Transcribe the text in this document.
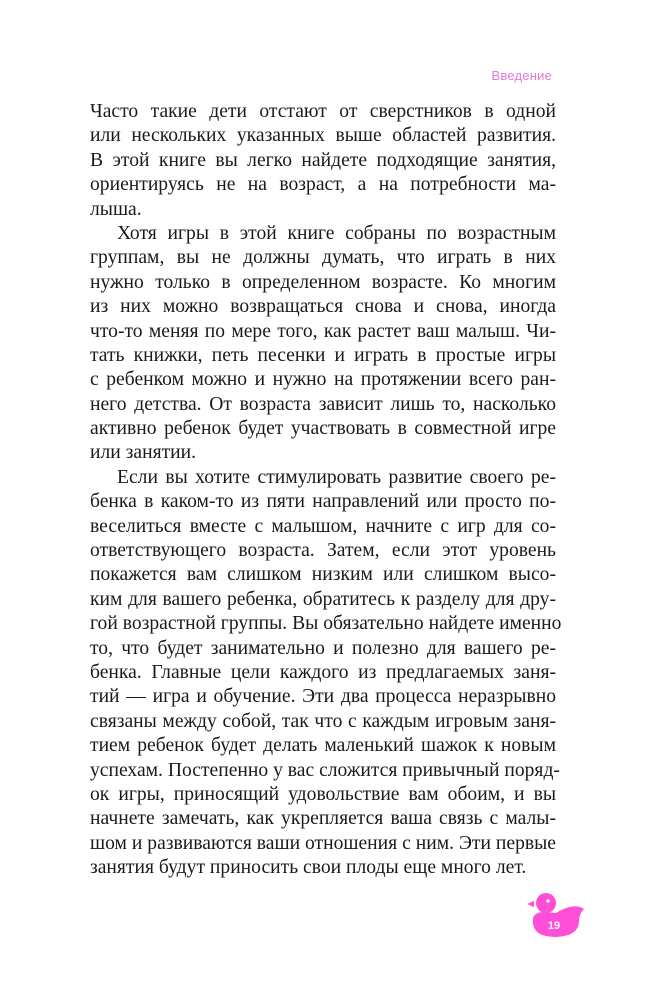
Введение
Часто такие дети отстают от сверстников в одной
или нескольких указанных выше областей развития.
В этой книге вы легко найдете подходящие занятия,
ориентируясь не на возраст, а на потребности ма-
лыша.
Хотя игры в этой книге собраны по возрастным
группам, вы не должны думать, что играть в них
нужно только в определенном возрасте. Ко многим
из них можно возвращаться снова и снова, иногда
что-то меняя по мере того, как растет ваш малыш. Чи-
тать книжки, петь песенки и играть в простые игры
с ребенком можно и нужно на протяжении всего ран-
него детства. От возраста зависит лишь то, насколько
активно ребенок будет участвовать в совместной игре
или занятии.
Если вы хотите стимулировать развитие своего ре-
бенка в каком-то из пяти направлений или просто по-
веселиться вместе с малышом, начните с игр для со-
ответствующего возраста. Затем, если этот уровень
покажется вам слишком низким или слишком высо-
ким для вашего ребенка, обратитесь к разделу для дру-
гой возрастной группы. Вы обязательно найдете именно
то, что будет занимательно и полезно для вашего ре-
бенка. Главные цели каждого из предлагаемых заня-
тий — игра и обучение. Эти два процесса неразрывно
связаны между собой, так что с каждым игровым заня-
тием ребенок будет делать маленький шажок к новым
успехам. Постепенно у вас сложится привычный поряд-
ок игры, приносящий удовольствие вам обоим, и вы
начнете замечать, как укрепляется ваша связь с малы-
шом и развиваются ваши отношения с ним. Эти первые
занятия будут приносить свои плоды еще много лет.
19
